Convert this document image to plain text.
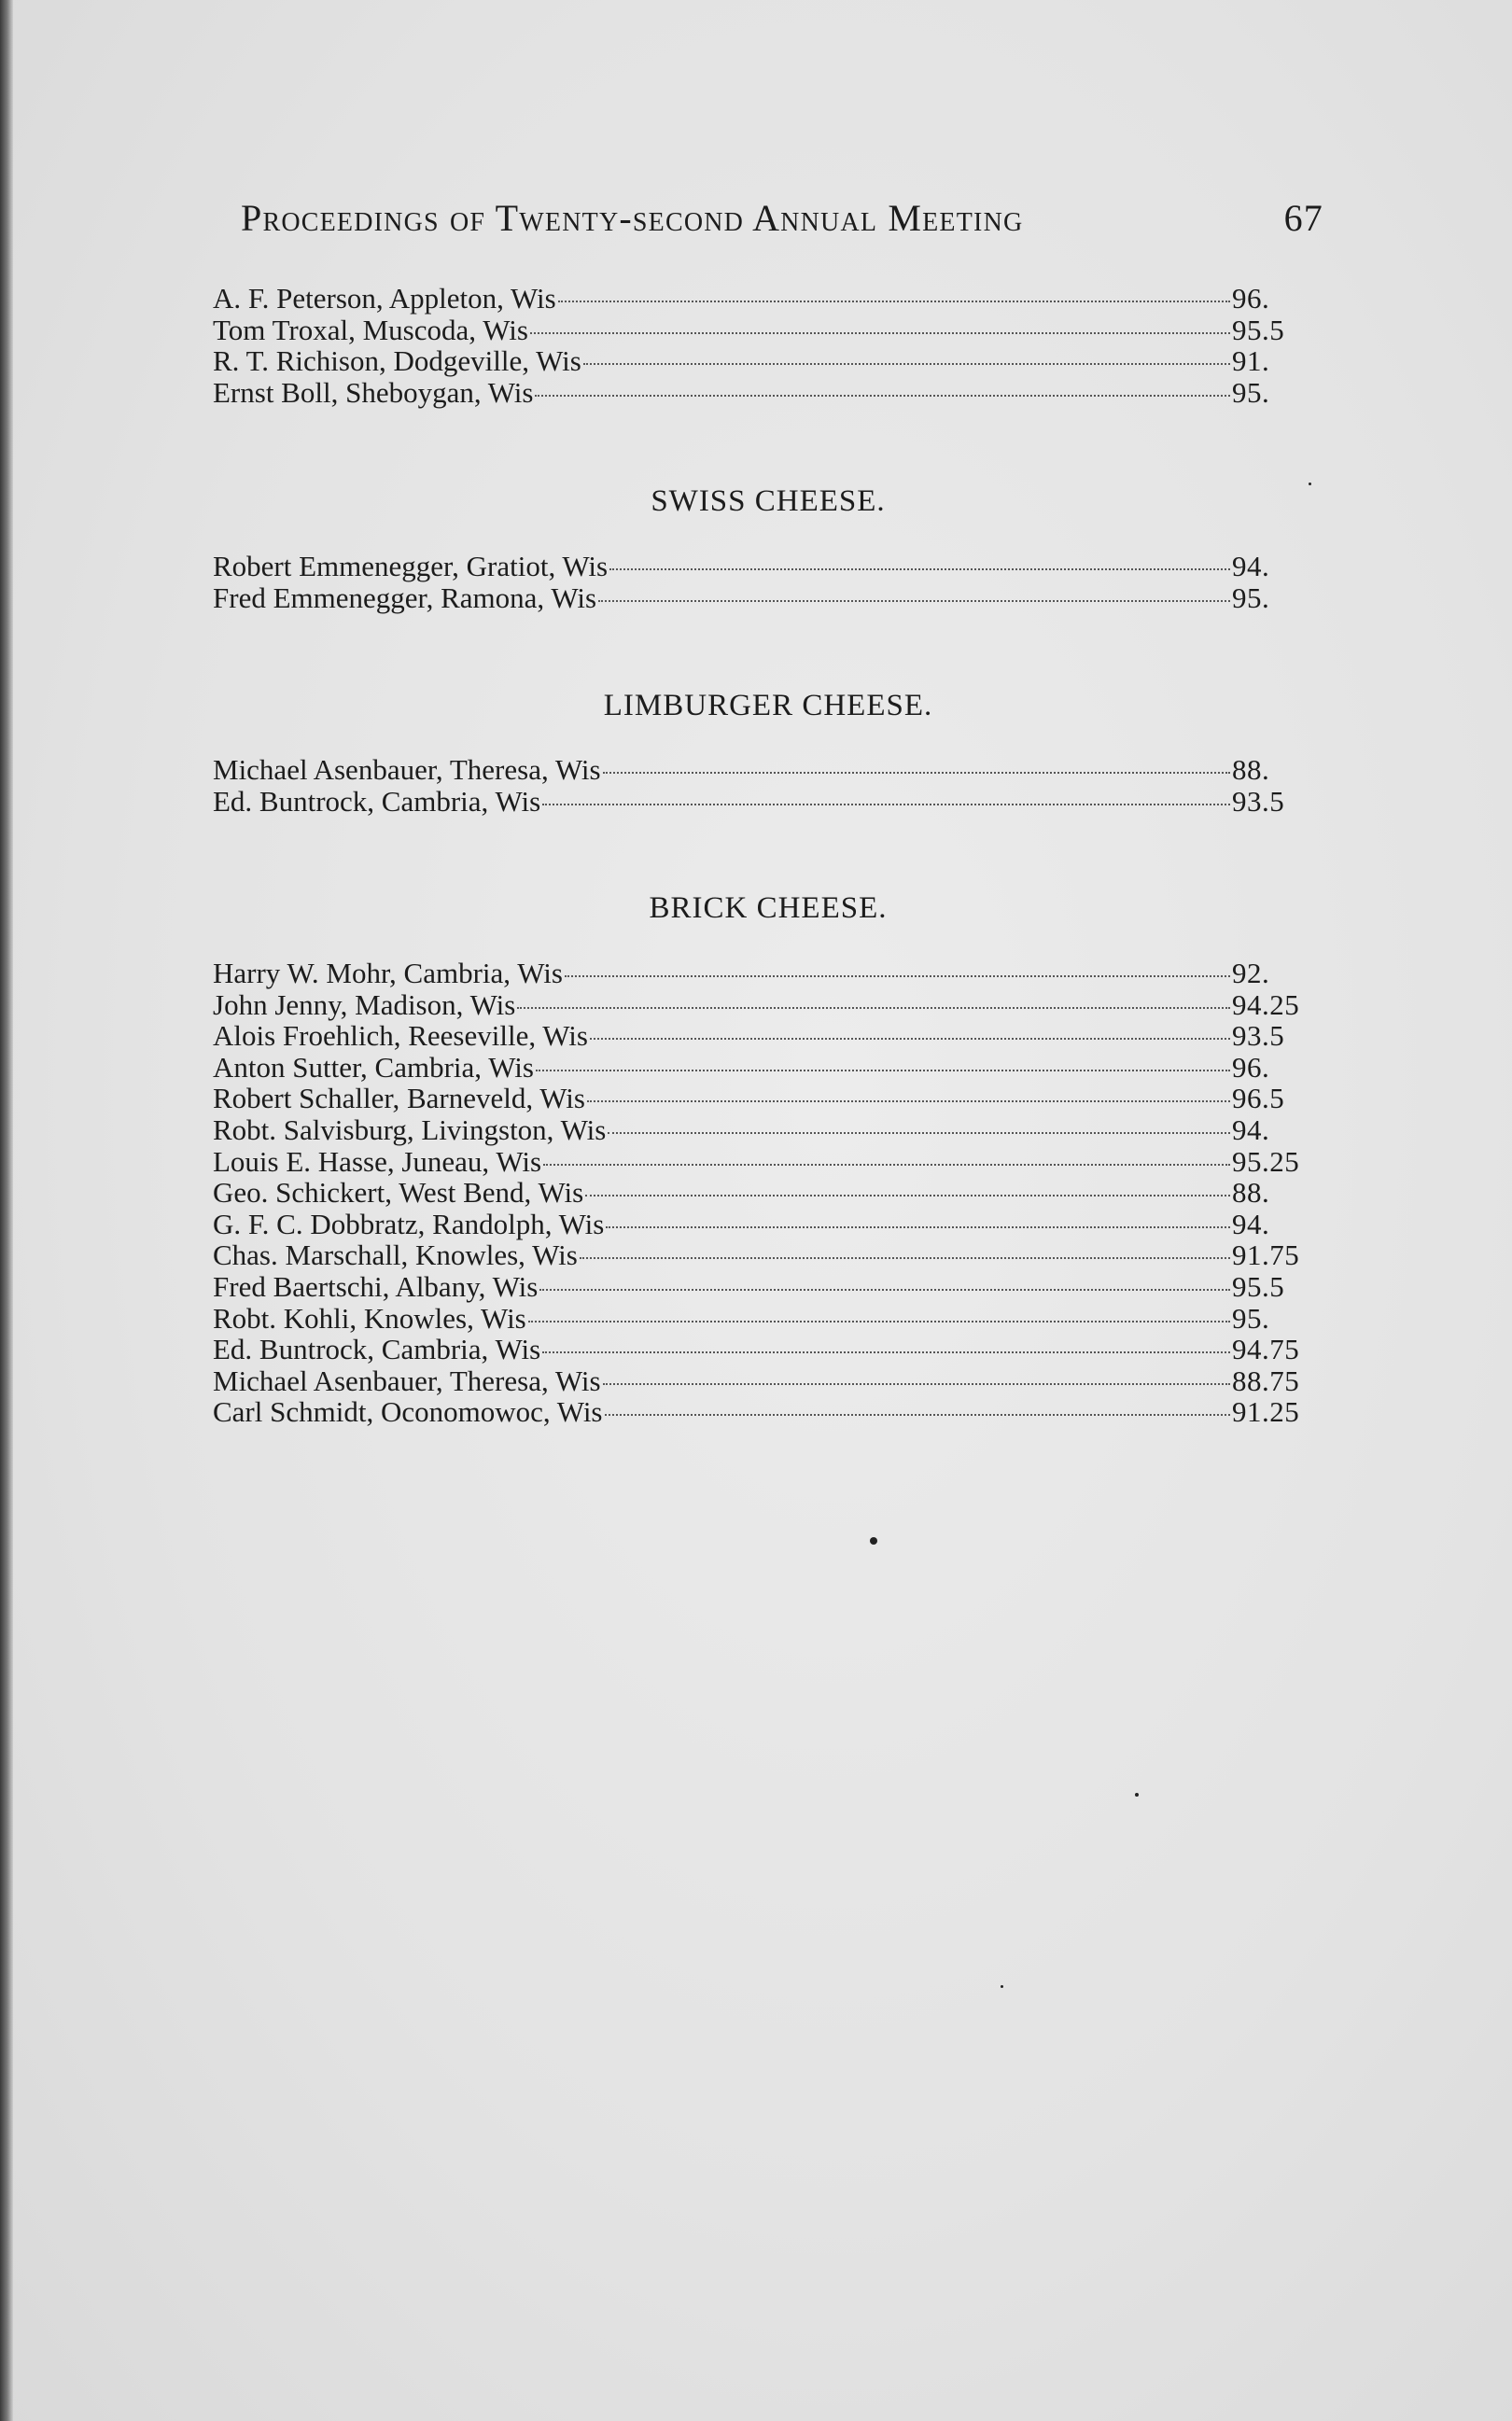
Proceedings of Twenty-second Annual Meeting	67
A. F. Peterson, Appleton, Wis	96.
Tom Troxal, Muscoda, Wis	95.5
R. T. Richison, Dodgeville, Wis	91.
Ernst Boll, Sheboygan, Wis	95.
SWISS CHEESE.
Robert Emmenegger, Gratiot, Wis	94.
Fred Emmenegger, Ramona, Wis	95.
LIMBURGER CHEESE.
Michael Asenbauer, Theresa, Wis	88.
Ed. Buntrock, Cambria, Wis	93.5
BRICK CHEESE.
Harry W. Mohr, Cambria, Wis	92.
John Jenny, Madison, Wis	94.25
Alois Froehlich, Reeseville, Wis	93.5
Anton Sutter, Cambria, Wis	96.
Robert Schaller, Barneveld, Wis	96.5
Robt. Salvisburg, Livingston, Wis	94.
Louis E. Hasse, Juneau, Wis	95.25
Geo. Schickert, West Bend, Wis	88.
G. F. C. Dobbratz, Randolph, Wis	94.
Chas. Marschall, Knowles, Wis	91.75
Fred Baertschi, Albany, Wis	95.5
Robt. Kohli, Knowles, Wis	95.
Ed. Buntrock, Cambria, Wis	94.75
Michael Asenbauer, Theresa, Wis	88.75
Carl Schmidt, Oconomowoc, Wis	91.25
